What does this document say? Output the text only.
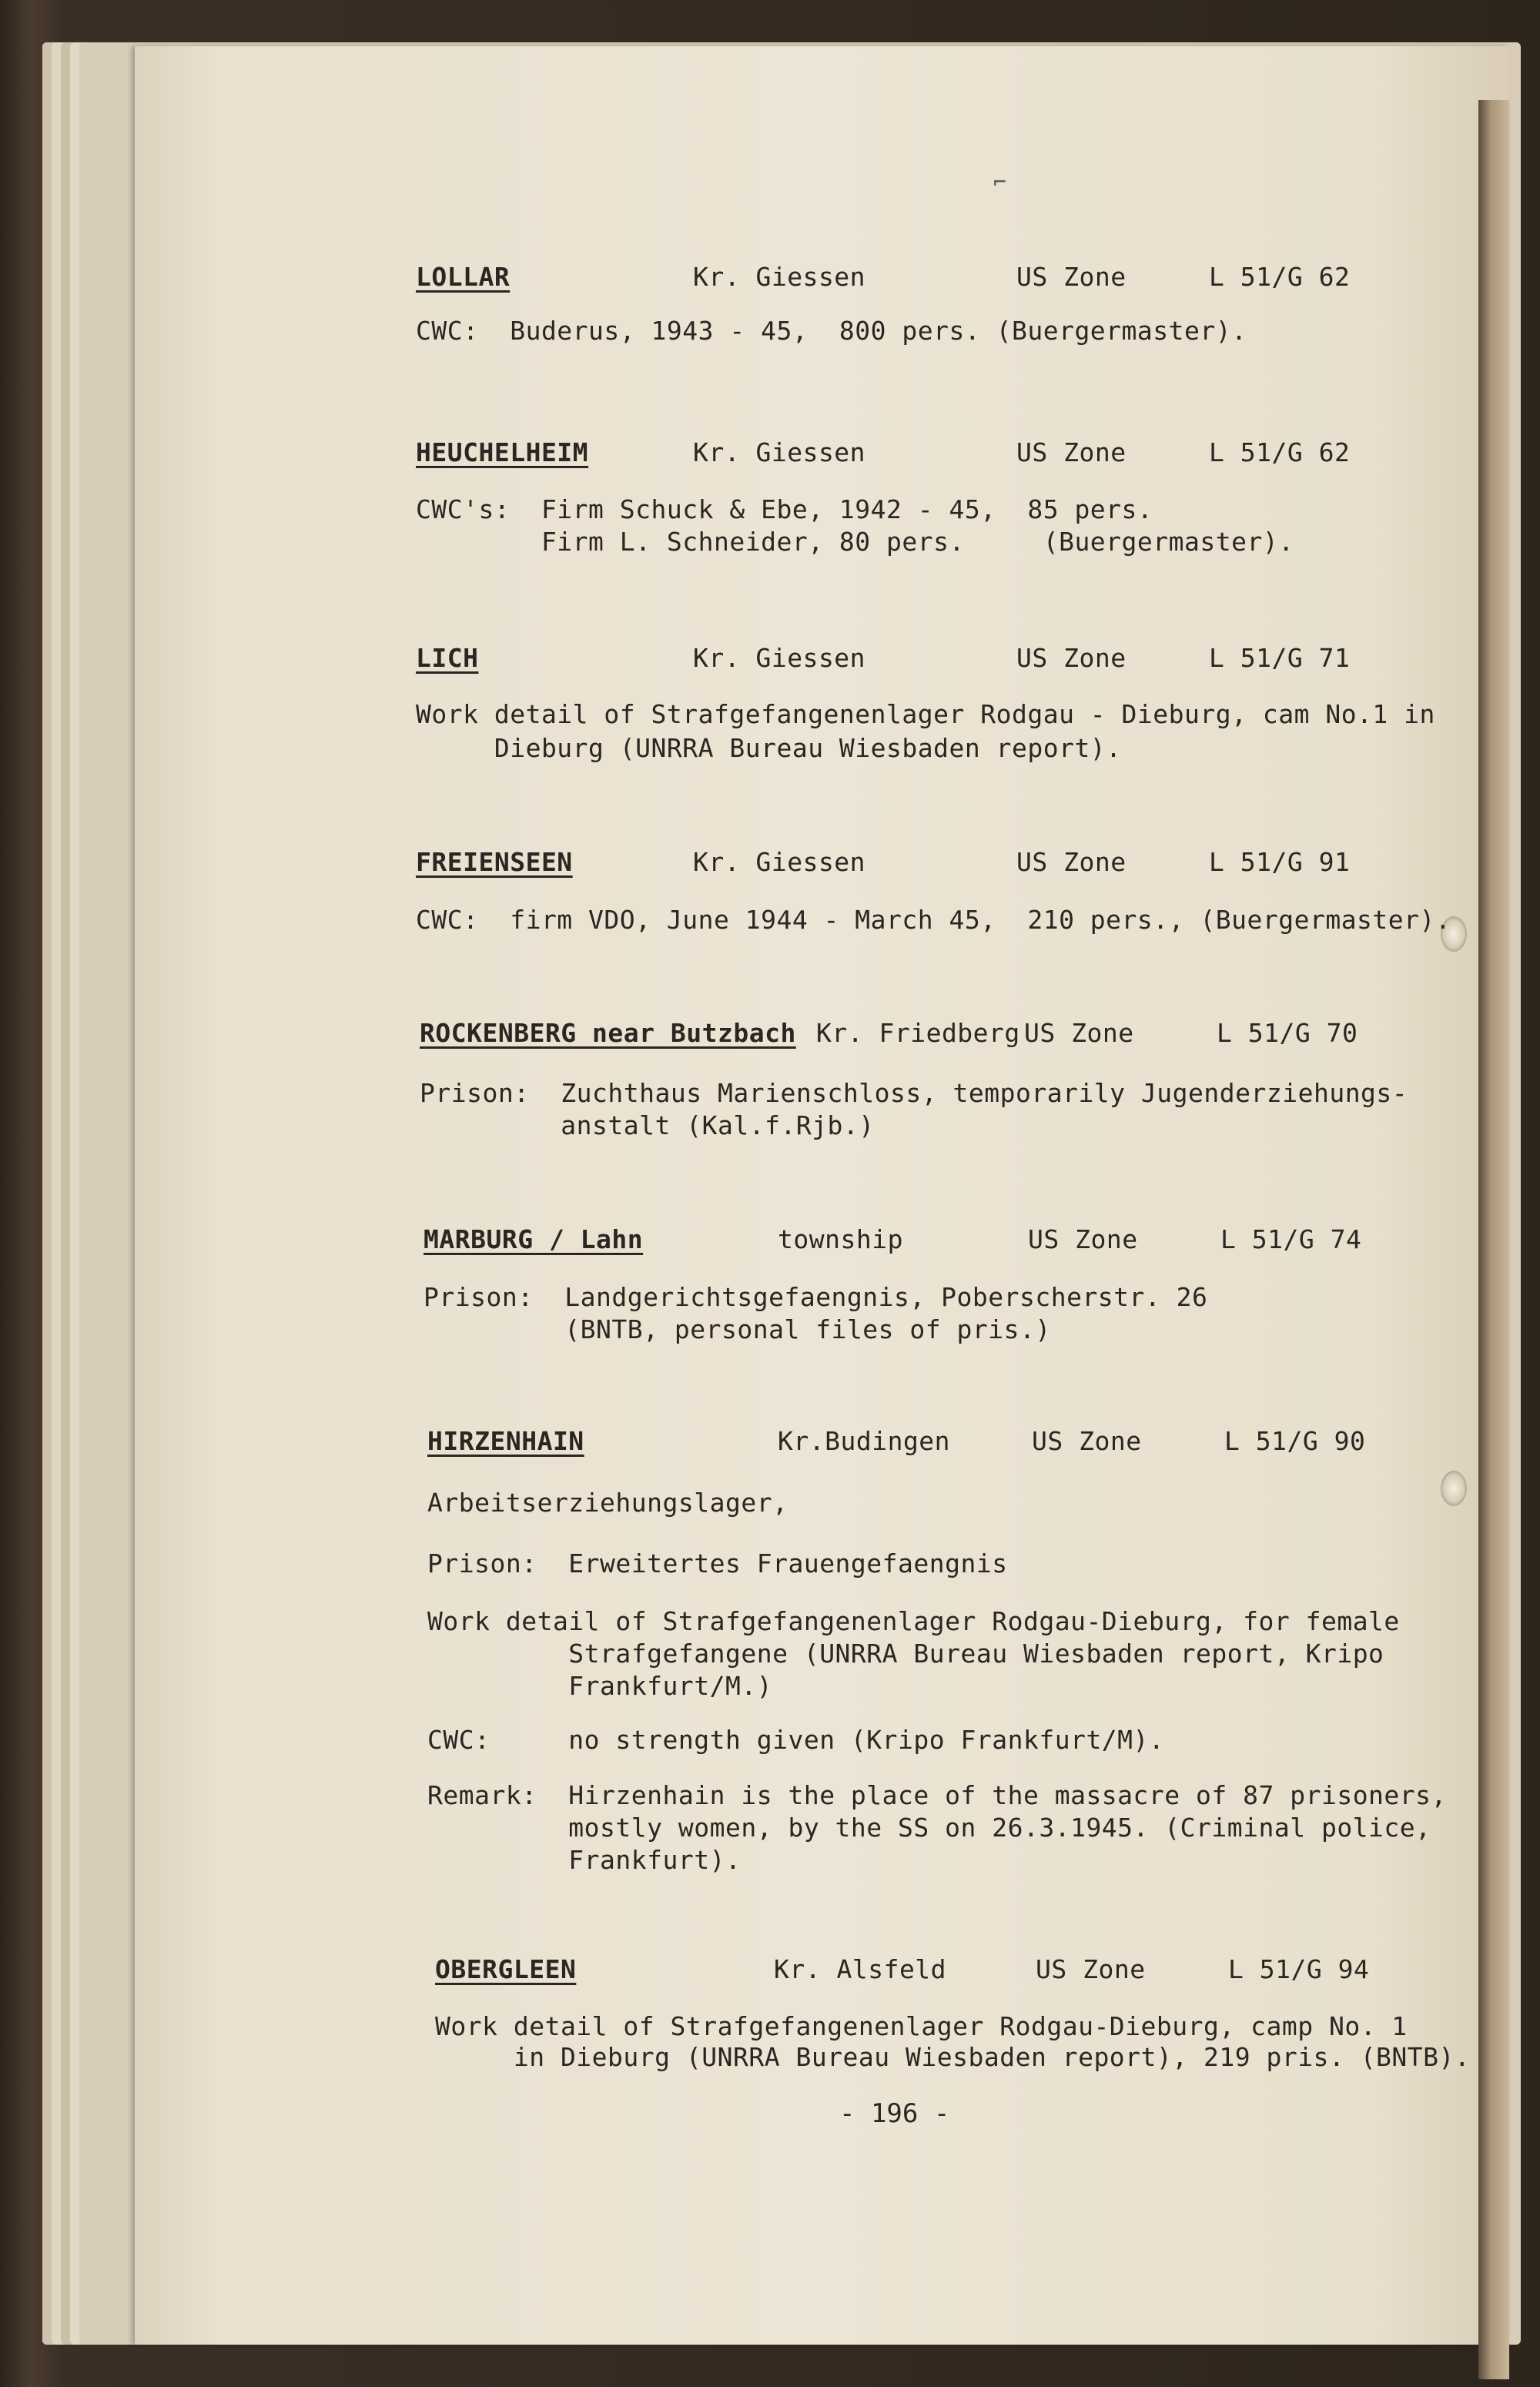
⌐
LOLLAR	Kr. Giessen	US Zone	L 51/G 62
CWC:  Buderus, 1943 - 45,  800 pers. (Buergermaster).
HEUCHELHEIM	Kr. Giessen	US Zone	L 51/G 62
CWC's:  Firm Schuck & Ebe, 1942 - 45,  85 pers.
Firm L. Schneider, 80 pers.     (Buergermaster).
LICH	Kr. Giessen	US Zone	L 51/G 71
Work detail of Strafgefangenenlager Rodgau - Dieburg, cam No.1 in
Dieburg (UNRRA Bureau Wiesbaden report).
FREIENSEEN	Kr. Giessen	US Zone	L 51/G 91
CWC:  firm VDO, June 1944 - March 45,  210 pers., (Buergermaster).
ROCKENBERG near Butzbach Kr. Friedberg US Zone	L 51/G 70
Prison:  Zuchthaus Marienschloss, temporarily Jugenderziehungs-
anstalt (Kal.f.Rjb.)
MARBURG / Lahn	township	US Zone	L 51/G 74
Prison:  Landgerichtsgefaengnis, Poberscherstr. 26
(BNTB, personal files of pris.)
HIRZENHAIN	Kr.Budingen	US Zone	L 51/G 90
Arbeitserziehungslager,
Prison:  Erweitertes Frauengefaengnis
Work detail of Strafgefangenenlager Rodgau-Dieburg, for female
Strafgefangene (UNRRA Bureau Wiesbaden report, Kripo
Frankfurt/M.)
CWC:     no strength given (Kripo Frankfurt/M).
Remark:  Hirzenhain is the place of the massacre of 87 prisoners,
mostly women, by the SS on 26.3.1945. (Criminal police,
Frankfurt).
OBERGLEEN	Kr. Alsfeld	US Zone	L 51/G 94
Work detail of Strafgefangenenlager Rodgau-Dieburg, camp No. 1
in Dieburg (UNRRA Bureau Wiesbaden report), 219 pris. (BNTB).
- 196 -
